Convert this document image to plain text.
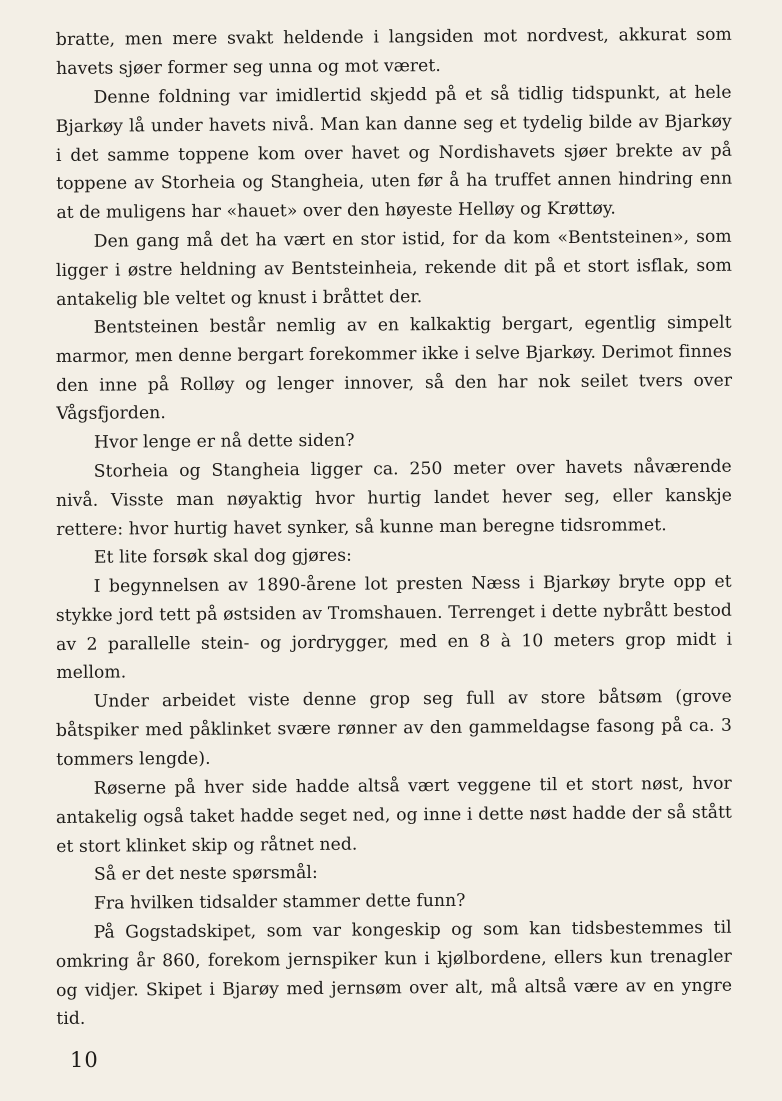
bratte, men mere svakt heldende i langsiden mot nordvest, akkurat som havets sjøer former seg unna og mot været.

Denne foldning var imidlertid skjedd på et så tidlig tidspunkt, at hele Bjarkøy lå under havets nivå. Man kan danne seg et tydelig bilde av Bjarkøy i det samme toppene kom over havet og Nordishavets sjøer brekte av på toppene av Storheia og Stangheia, uten før å ha truffet annen hindring enn at de muligens har «hauet» over den høyeste Helløy og Krøttøy.

Den gang må det ha vært en stor istid, for da kom «Bentsteinen», som ligger i østre heldning av Bentsteinheia, rekende dit på et stort isflak, som antakelig ble veltet og knust i bråttet der.

Bentsteinen består nemlig av en kalkaktig bergart, egentlig simpelt marmor, men denne bergart forekommer ikke i selve Bjarkøy. Derimot finnes den inne på Rolløy og lenger innover, så den har nok seilet tvers over Vågsfjorden.

Hvor lenge er nå dette siden?

Storheia og Stangheia ligger ca. 250 meter over havets nåværende nivå. Visste man nøyaktig hvor hurtig landet hever seg, eller kanskje rettere: hvor hurtig havet synker, så kunne man beregne tidsrommet.

Et lite forsøk skal dog gjøres:

I begynnelsen av 1890-årene lot presten Næss i Bjarkøy bryte opp et stykke jord tett på østsiden av Tromshauen. Terrenget i dette nybrått bestod av 2 parallelle stein- og jordrygger, med en 8 à 10 meters grop midt i mellom.

Under arbeidet viste denne grop seg full av store båtsøm (grove båtspiker med påklinket svære rønner av den gammeldagse fasong på ca. 3 tommers lengde).

Røserne på hver side hadde altså vært veggene til et stort nøst, hvor antakelig også taket hadde seget ned, og inne i dette nøst hadde der så stått et stort klinket skip og råtnet ned.

Så er det neste spørsmål:

Fra hvilken tidsalder stammer dette funn?

På Gogstadskipet, som var kongeskip og som kan tidsbestemmes til omkring år 860, forekom jernspiker kun i kjølbordene, ellers kun trenagler og vidjer. Skipet i Bjarøy med jernsøm over alt, må altså være av en yngre tid.

10
